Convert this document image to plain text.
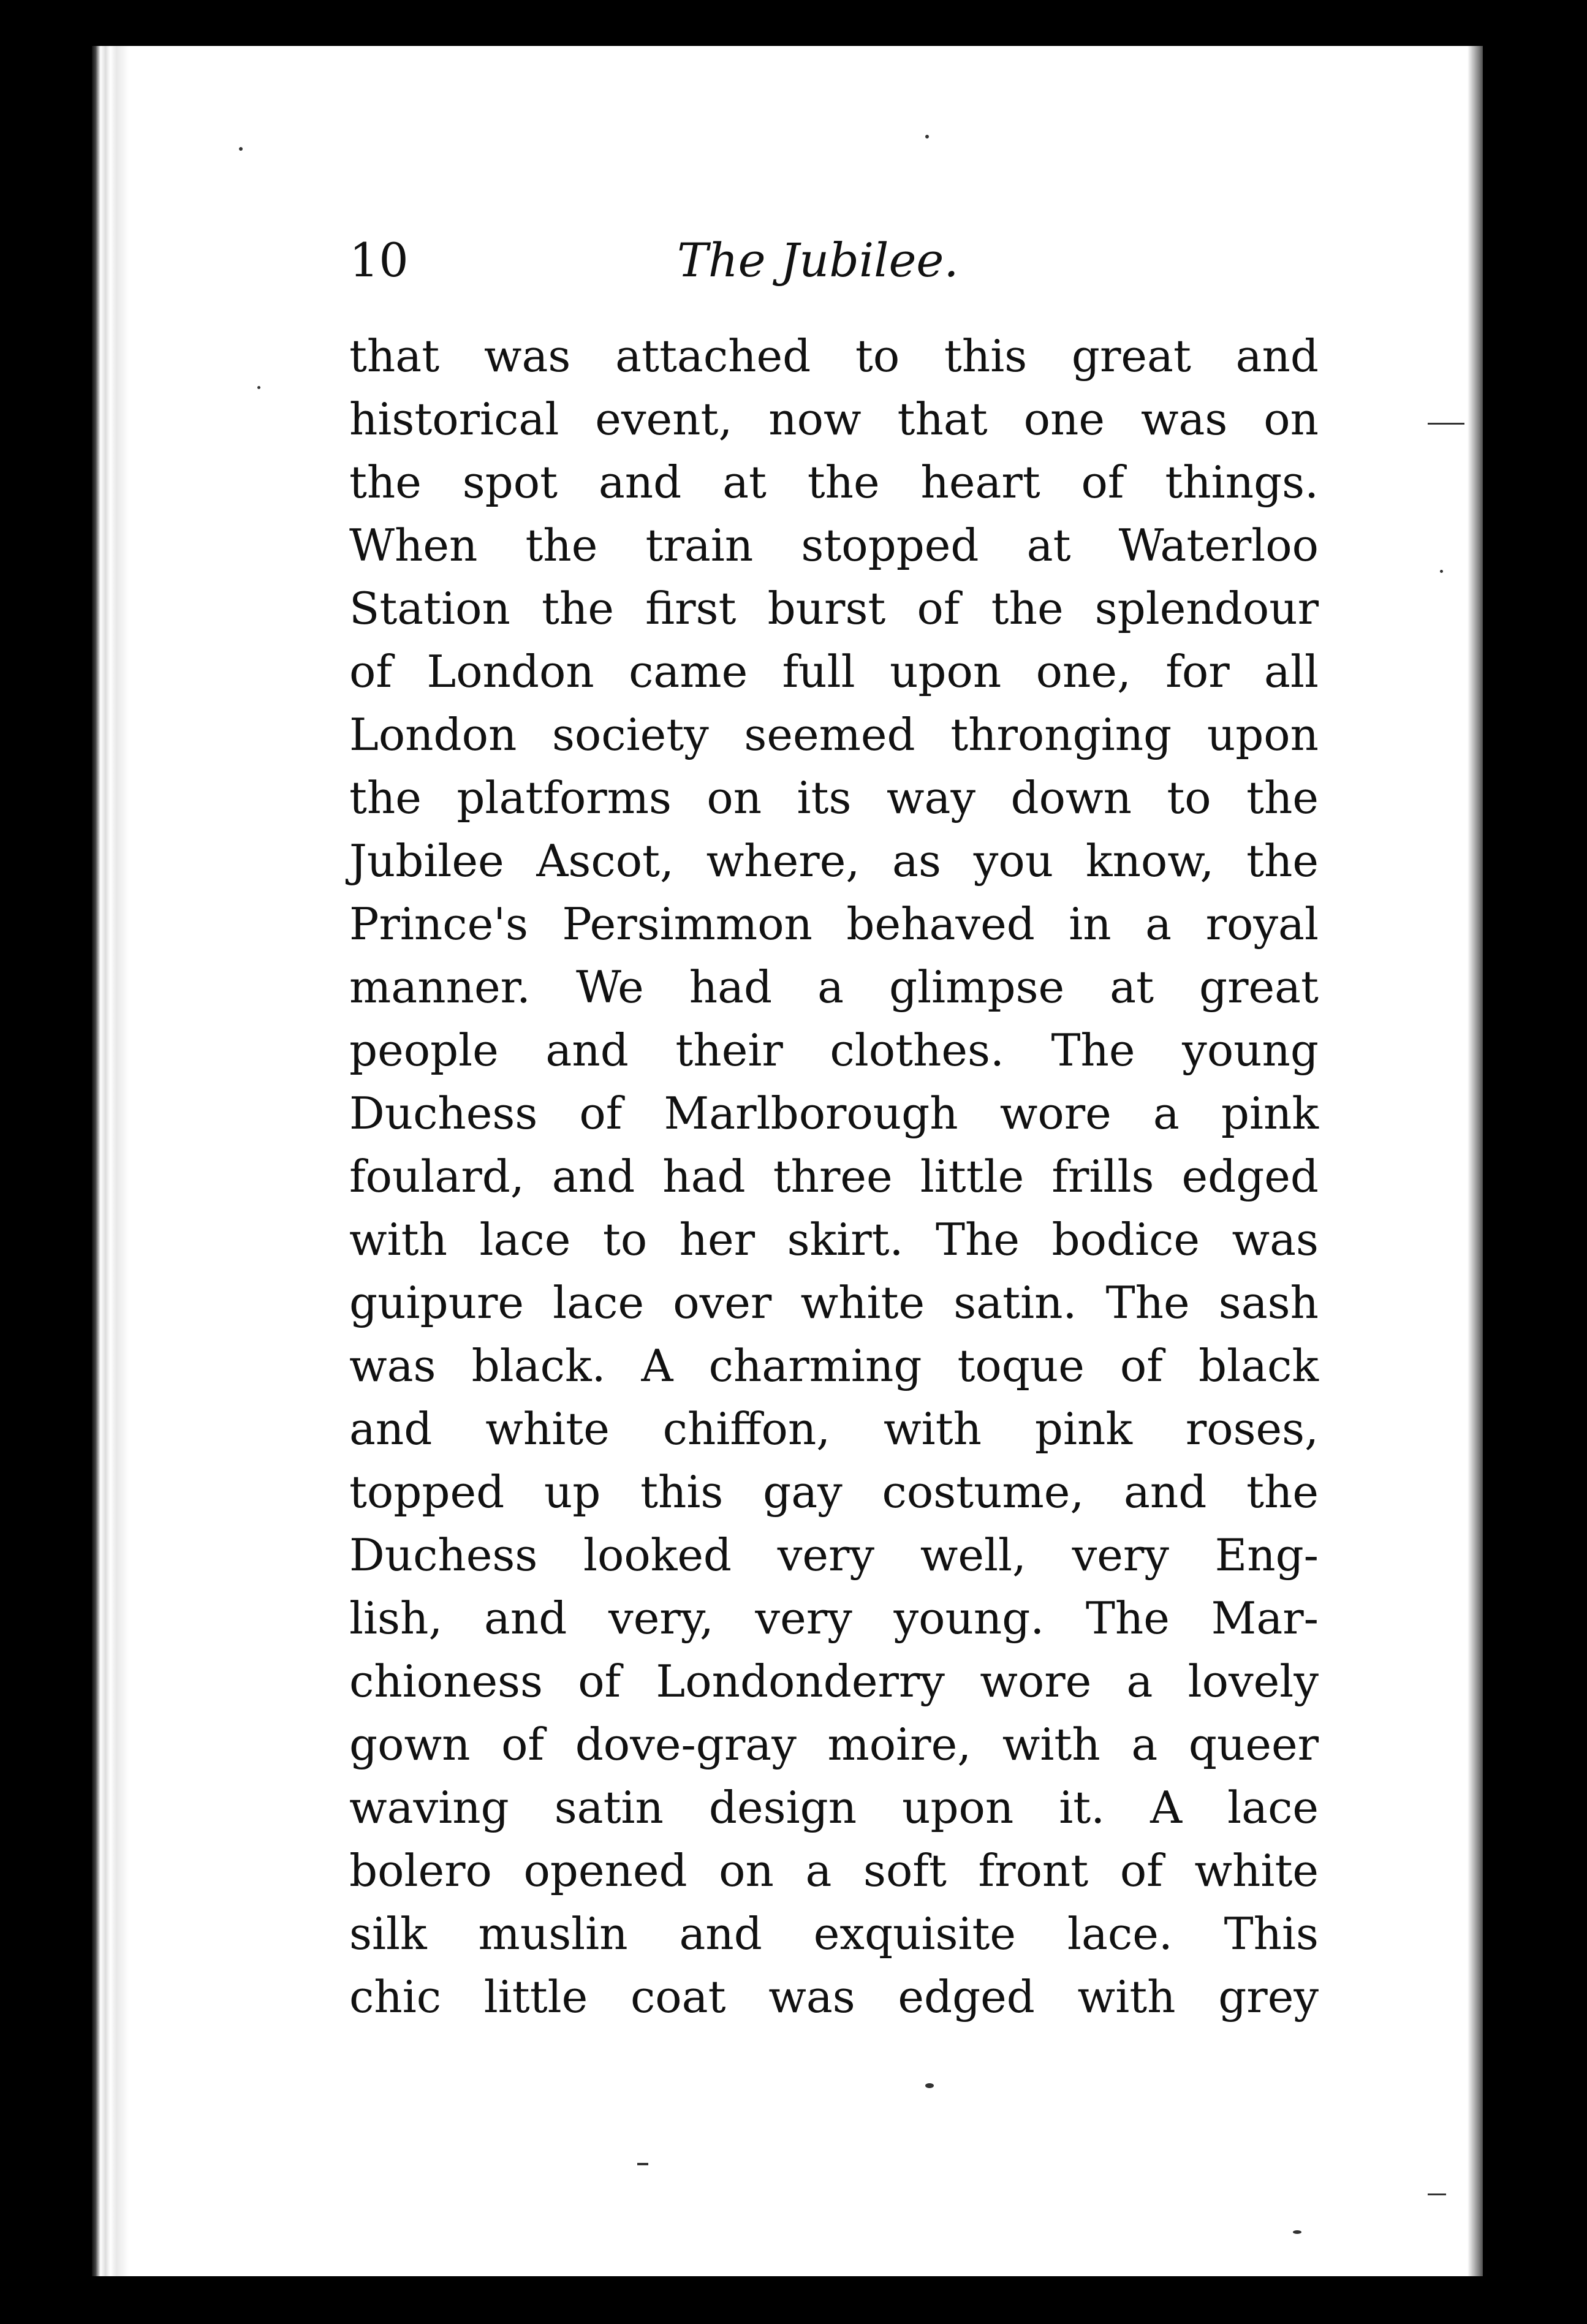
10	The Jubilee.
that was attached to this great and
historical event, now that one was on
the spot and at the heart of things.
When the train stopped at Waterloo
Station the first burst of the splendour
of London came full upon one, for all
London society seemed thronging upon
the platforms on its way down to the
Jubilee Ascot, where, as you know, the
Prince's Persimmon behaved in a royal
manner. We had a glimpse at great
people and their clothes. The young
Duchess of Marlborough wore a pink
foulard, and had three little frills edged
with lace to her skirt. The bodice was
guipure lace over white satin. The sash
was black. A charming toque of black
and white chiffon, with pink roses,
topped up this gay costume, and the
Duchess looked very well, very Eng-
lish, and very, very young. The Mar-
chioness of Londonderry wore a lovely
gown of dove-gray moire, with a queer
waving satin design upon it. A lace
bolero opened on a soft front of white
silk muslin and exquisite lace. This
chic little coat was edged with grey
